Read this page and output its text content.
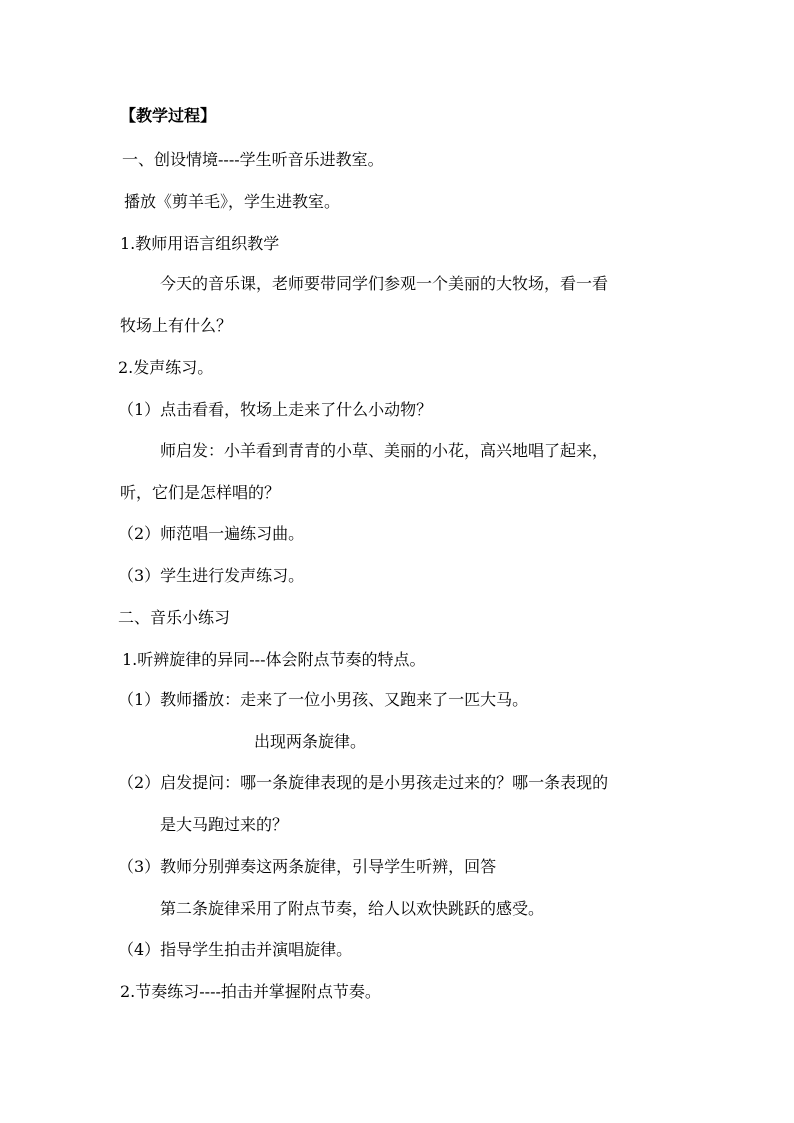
【教学过程】
一、创设情境----学生听音乐进教室。
播放《剪羊毛》，学生进教室。
1.教师用语言组织教学
今天的音乐课，老师要带同学们参观一个美丽的大牧场，看一看
牧场上有什么？
2.发声练习。
（1）点击看看，牧场上走来了什么小动物？
师启发：小羊看到青青的小草、美丽的小花，高兴地唱了起来，
听，它们是怎样唱的？
（2）师范唱一遍练习曲。
（3）学生进行发声练习。
二、音乐小练习
1.听辨旋律的异同---体会附点节奏的特点。
（1）教师播放：走来了一位小男孩、又跑来了一匹大马。
出现两条旋律。
（2）启发提问：哪一条旋律表现的是小男孩走过来的？哪一条表现的
是大马跑过来的？
（3）教师分别弹奏这两条旋律，引导学生听辨，回答
第二条旋律采用了附点节奏，给人以欢快跳跃的感受。
（4）指导学生拍击并演唱旋律。
2.节奏练习----拍击并掌握附点节奏。
